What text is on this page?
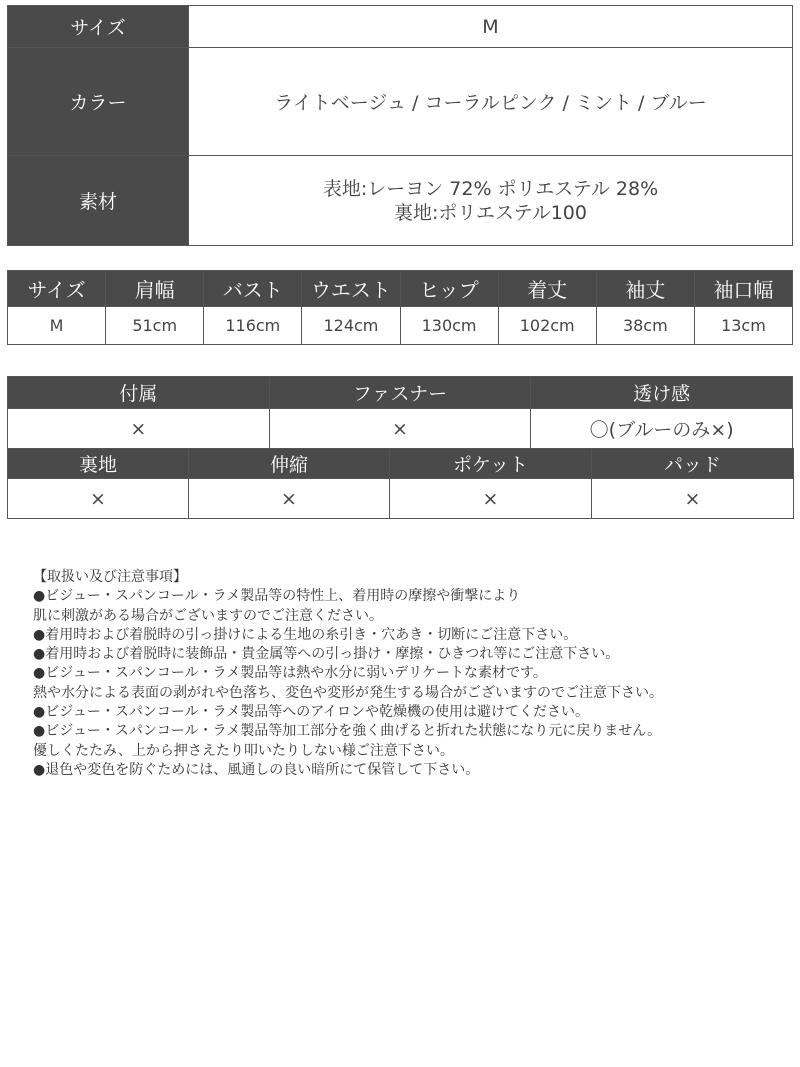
サイズ	M
カラー	ライトベージュ / コーラルピンク / ミント / ブルー
素材	表地:レーヨン 72% ポリエステル 28%
裏地:ポリエステル100
サイズ	肩幅	バスト	ウエスト	ヒップ	着丈	袖丈	袖口幅
M	51cm	116cm	124cm	130cm	102cm	38cm	13cm
付属	ファスナー	透け感
×	×	〇(ブルーのみ×)
裏地	伸縮	ポケット	パッド
×	×	×	×

【取扱い及び注意事項】

●ビジュー・スパンコール・ラメ製品等の特性上、着用時の摩擦や衝撃により

肌に刺激がある場合がございますのでご注意ください。

●着用時および着脱時の引っ掛けによる生地の糸引き・穴あき・切断にご注意下さい。

●着用時および着脱時に装飾品・貴金属等への引っ掛け・摩擦・ひきつれ等にご注意下さい。

●ビジュー・スパンコール・ラメ製品等は熱や水分に弱いデリケートな素材です。

熱や水分による表面の剥がれや色落ち、変色や変形が発生する場合がございますのでご注意下さい。

●ビジュー・スパンコール・ラメ製品等へのアイロンや乾燥機の使用は避けてください。

●ビジュー・スパンコール・ラメ製品等加工部分を強く曲げると折れた状態になり元に戻りません。

優しくたたみ、上から押さえたり叩いたりしない様ご注意下さい。

●退色や変色を防ぐためには、風通しの良い暗所にて保管して下さい。
